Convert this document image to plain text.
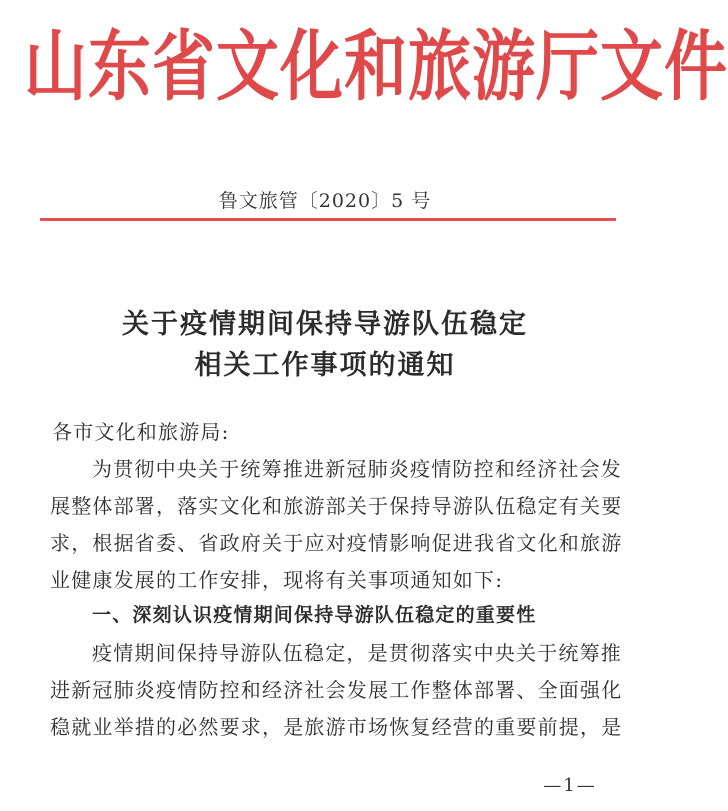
山东省文化和旅游厅文件
鲁文旅管〔2020〕5 号
关于疫情期间保持导游队伍稳定
相关工作事项的通知
各市文化和旅游局:
为贯彻中央关于统筹推进新冠肺炎疫情防控和经济社会发
展整体部署，落实文化和旅游部关于保持导游队伍稳定有关要
求，根据省委、省政府关于应对疫情影响促进我省文化和旅游
业健康发展的工作安排，现将有关事项通知如下:
一、深刻认识疫情期间保持导游队伍稳定的重要性
疫情期间保持导游队伍稳定，是贯彻落实中央关于统筹推
进新冠肺炎疫情防控和经济社会发展工作整体部署、全面强化
稳就业举措的必然要求，是旅游市场恢复经营的重要前提，是
—1—
